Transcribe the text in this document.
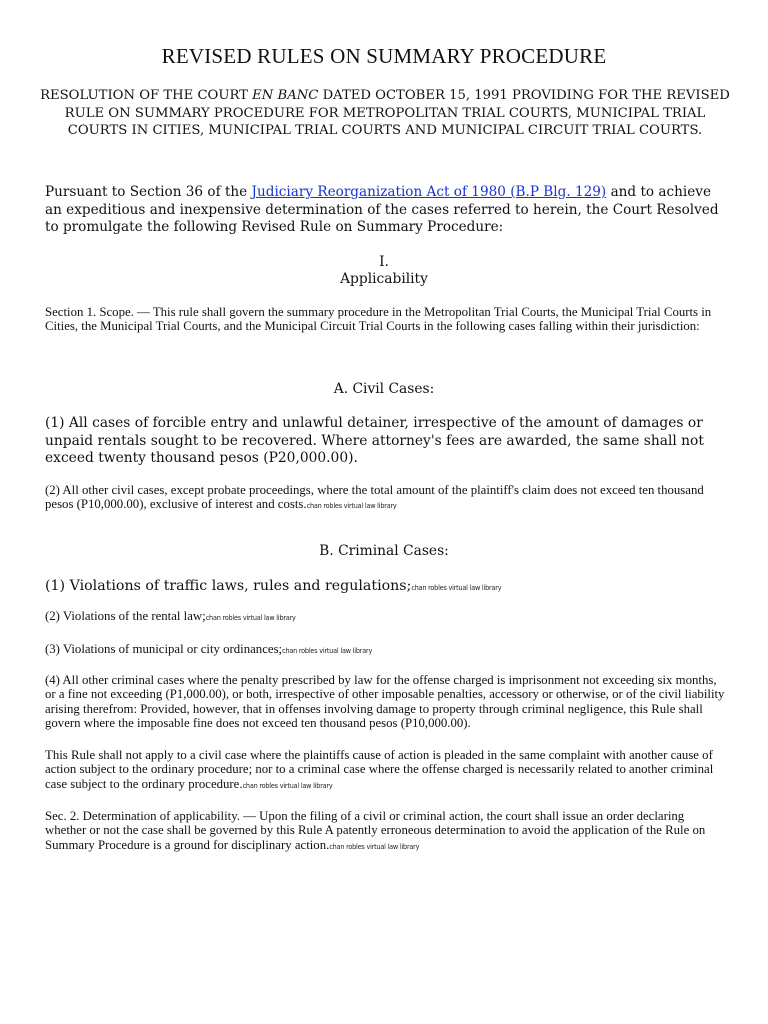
REVISED RULES ON SUMMARY PROCEDURE

RESOLUTION OF THE COURT EN BANC DATED OCTOBER 15, 1991 PROVIDING FOR THE REVISED RULE ON SUMMARY PROCEDURE FOR METROPOLITAN TRIAL COURTS, MUNICIPAL TRIAL COURTS IN CITIES, MUNICIPAL TRIAL COURTS AND MUNICIPAL CIRCUIT TRIAL COURTS.

Pursuant to Section 36 of the Judiciary Reorganization Act of 1980 (B.P Blg. 129) and to achieve an expeditious and inexpensive determination of the cases referred to herein, the Court Resolved to promulgate the following Revised Rule on Summary Procedure:

I.

Applicability

Section 1. Scope. — This rule shall govern the summary procedure in the Metropolitan Trial Courts, the Municipal Trial Courts in Cities, the Municipal Trial Courts, and the Municipal Circuit Trial Courts in the following cases falling within their jurisdiction:

A. Civil Cases:

(1) All cases of forcible entry and unlawful detainer, irrespective of the amount of damages or unpaid rentals sought to be recovered. Where attorney's fees are awarded, the same shall not exceed twenty thousand pesos (P20,000.00).

(2) All other civil cases, except probate proceedings, where the total amount of the plaintiff's claim does not exceed ten thousand pesos (P10,000.00), exclusive of interest and costs.chan robles virtual law library

B. Criminal Cases:

(1) Violations of traffic laws, rules and regulations;chan robles virtual law library

(2) Violations of the rental law;chan robles virtual law library

(3) Violations of municipal or city ordinances;chan robles virtual law library

(4) All other criminal cases where the penalty prescribed by law for the offense charged is imprisonment not exceeding six months, or a fine not exceeding (P1,000.00), or both, irrespective of other imposable penalties, accessory or otherwise, or of the civil liability arising therefrom: Provided, however, that in offenses involving damage to property through criminal negligence, this Rule shall govern where the imposable fine does not exceed ten thousand pesos (P10,000.00).

This Rule shall not apply to a civil case where the plaintiffs cause of action is pleaded in the same complaint with another cause of action subject to the ordinary procedure; nor to a criminal case where the offense charged is necessarily related to another criminal case subject to the ordinary procedure.chan robles virtual law library

Sec. 2. Determination of applicability. — Upon the filing of a civil or criminal action, the court shall issue an order declaring whether or not the case shall be governed by this Rule A patently erroneous determination to avoid the application of the Rule on Summary Procedure is a ground for disciplinary action.chan robles virtual law library
